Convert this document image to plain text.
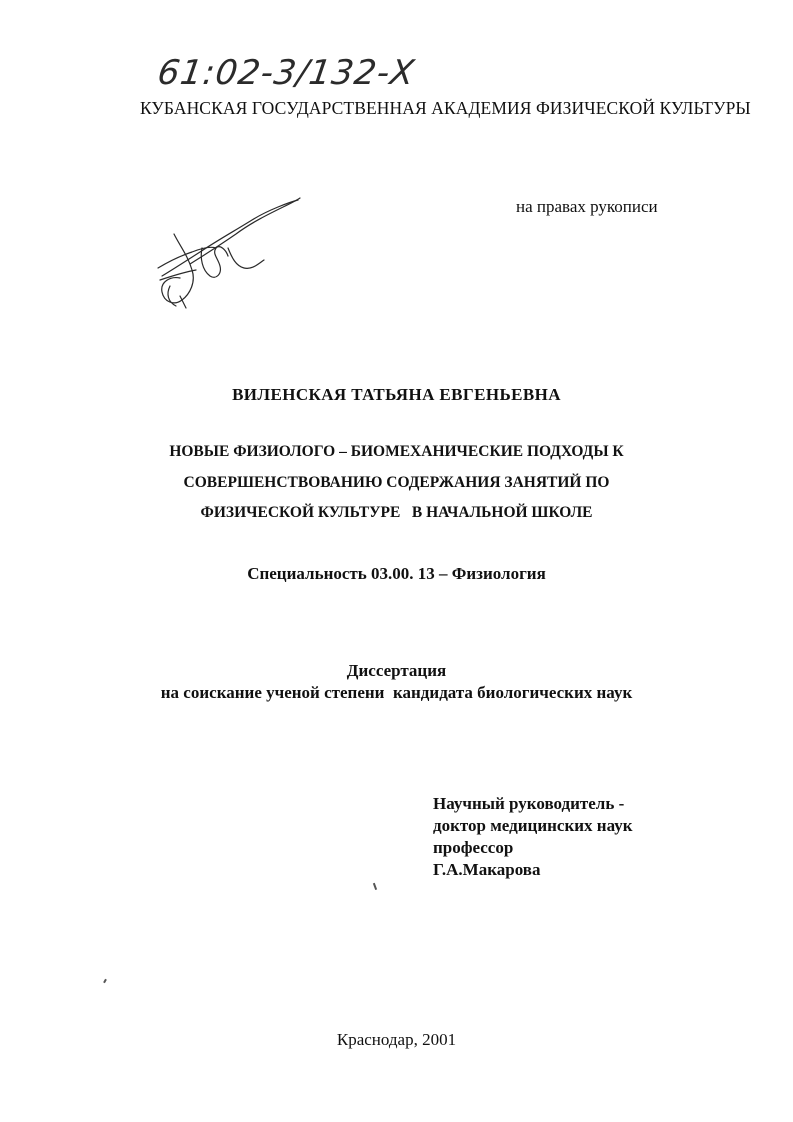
61:02-3/132-Х
КУБАНСКАЯ ГОСУДАРСТВЕННАЯ АКАДЕМИЯ ФИЗИЧЕСКОЙ КУЛЬТУРЫ
на правах рукописи
ВИЛЕНСКАЯ ТАТЬЯНА ЕВГЕНЬЕВНА
НОВЫЕ ФИЗИОЛОГО – БИОМЕХАНИЧЕСКИЕ ПОДХОДЫ К
СОВЕРШЕНСТВОВАНИЮ СОДЕРЖАНИЯ ЗАНЯТИЙ ПО
ФИЗИЧЕСКОЙ КУЛЬТУРЕ   В НАЧАЛЬНОЙ ШКОЛЕ
Специальность 03.00. 13 – Физиология
Диссертация
на соискание ученой степени  кандидата биологических наук
Научный руководитель -
доктор медицинских наук
профессор
Г.А.Макарова
Краснодар, 2001
